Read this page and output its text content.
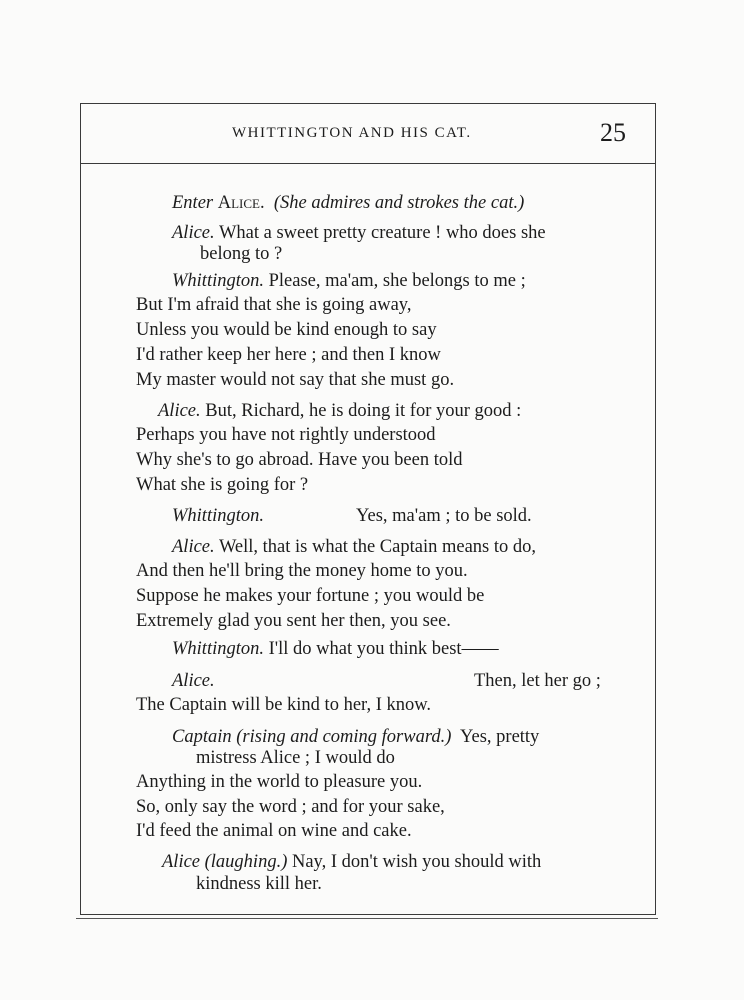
WHITTINGTON AND HIS CAT.	25
Enter Alice. (She admires and strokes the cat.)
Alice. What a sweet pretty creature ! who does she
belong to ?
Whittington. Please, ma'am, she belongs to me ;
But I'm afraid that she is going away,
Unless you would be kind enough to say
I'd rather keep her here ; and then I know
My master would not say that she must go.
Alice. But, Richard, he is doing it for your good :
Perhaps you have not rightly understood
Why she's to go abroad. Have you been told
What she is going for ?
Whittington.	Yes, ma'am ; to be sold.
Alice. Well, that is what the Captain means to do,
And then he'll bring the money home to you.
Suppose he makes your fortune ; you would be
Extremely glad you sent her then, you see.
Whittington. I'll do what you think best——
Alice.	Then, let her go ;
The Captain will be kind to her, I know.
Captain (rising and coming forward.) Yes, pretty
mistress Alice ; I would do
Anything in the world to pleasure you.
So, only say the word ; and for your sake,
I'd feed the animal on wine and cake.
Alice (laughing.) Nay, I don't wish you should with
kindness kill her.
